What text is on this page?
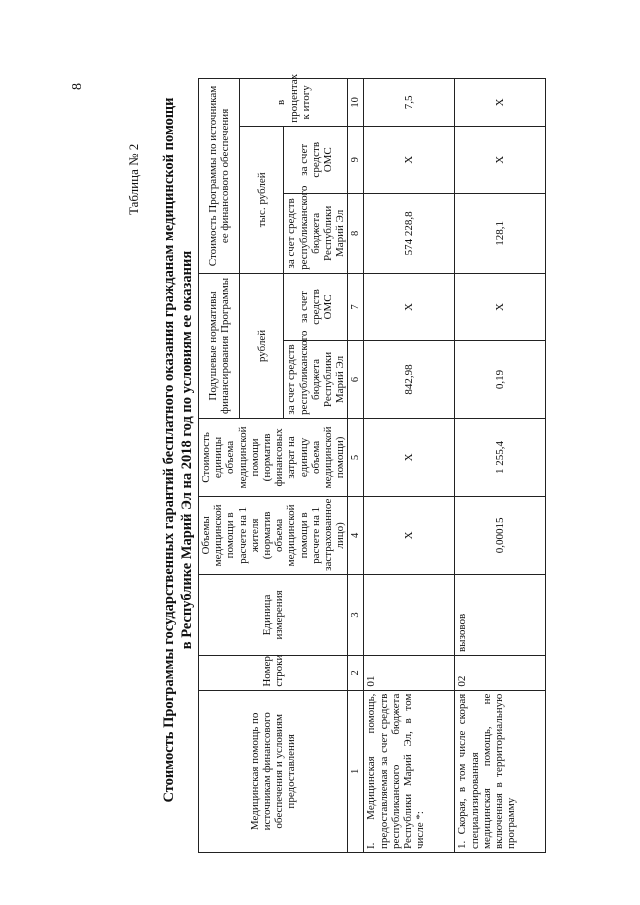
8
Таблица № 2 Стоимость Программы государственных гарантий бесплатного оказания гражданам медицинской помощи в Республике Марий Эл на 2018 год по условиям ее оказания
Медицинская помощь по источникам финансового обеспечения и условиям предоставления	Номер строки	Единица измерения	Объемы медицинской помощи в расчете на 1 жителя (норматив объема медицинской помощи в расчете на 1 застрахованное лицо)	Стоимость единицы объема медицинской помощи (норматив финансовых затрат на единицу объема медицинской помощи)	Подушевые нормативы финансирования Программы		Стоимость Программы по источникам ее финансового обеспечения		
					рублей		тыс. рублей		в процентах к итогу
					за счет средств республиканского бюджета Республики Марий Эл	за счет средств ОМС	за счет средств республиканского бюджета Республики Марий Эл	за счет средств ОМС	
1	2	3	4	5	6	7	8	9	10
I. Медицинская помощь, предоставляемая за счет средств республиканского бюджета Республики Марий Эл, в том числе *:	01		Х	Х	842,98	Х	574 228,8	Х	7,5
1. Скорая, в том числе скорая специализированная медицинская помощь, не включенная в территориальную программу	02	вызовов	0,00015	1 255,4	0,19	Х	128,1	Х	Х
